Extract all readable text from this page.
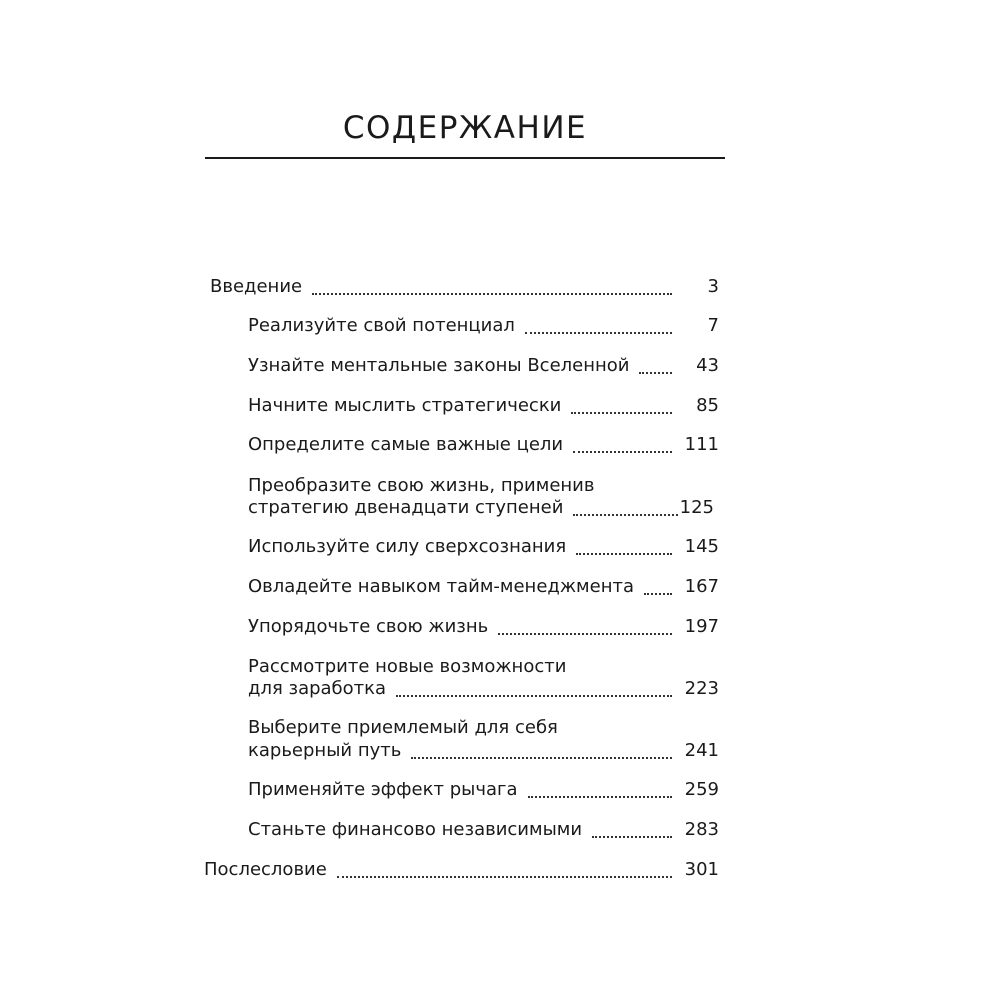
СОДЕРЖАНИЕ
Введение	3
Реализуйте свой потенциал	7
Узнайте ментальные законы Вселенной	43
Начните мыслить стратегически	85
Определите самые важные цели	111
Преобразите свою жизнь, применив
стратегию двенадцати ступеней	125
Используйте силу сверхсознания	145
Овладейте навыком тайм-менеджмента	167
Упорядочьте свою жизнь	197
Рассмотрите новые возможности
для заработка	223
Выберите приемлемый для себя
карьерный путь	241
Применяйте эффект рычага	259
Станьте финансово независимыми	283
Послесловие	301
